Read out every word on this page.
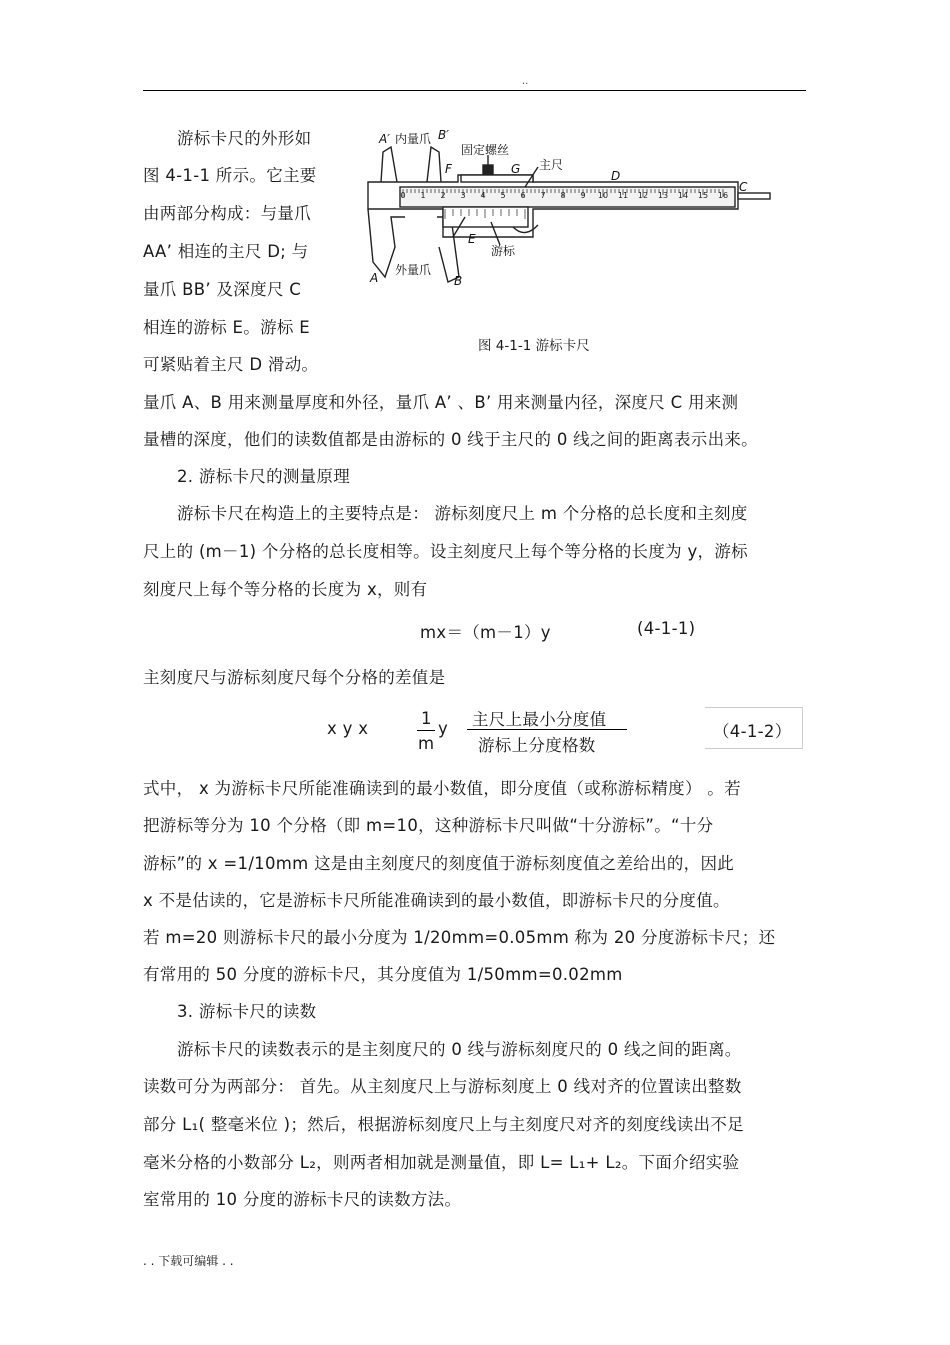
..
游标卡尺的外形如
图 4-1-1 所示。它主要
由两部分构成：与量爪
AA’ 相连的主尺 D; 与
量爪 BB’ 及深度尺 C
相连的游标 E。游标 E
可紧贴着主尺 D 滑动。
0 1 2 3 4 5 6 7 8 9 10 11 12 13 14 15 16
A′ 内量爪 B′
固定螺丝
主尺
F	G	D
C
E
游标
A
外量爪
B
图 4-1-1 游标卡尺
量爪 A、B 用来测量厚度和外径，量爪 A’ 、B’ 用来测量内径，深度尺 C 用来测
量槽的深度，他们的读数值都是由游标的 0 线于主尺的 0 线之间的距离表示出来。
2. 游标卡尺的测量原理
游标卡尺在构造上的主要特点是： 游标刻度尺上 m 个分格的总长度和主刻度
尺上的 (m－1) 个分格的总长度相等。设主刻度尺上每个等分格的长度为 y，游标
刻度尺上每个等分格的长度为 x，则有
mx＝（m－1）y	(4-1-1)
主刻度尺与游标刻度尺每个分格的差值是
x y x
1
m
y 主尺上最小分度值
游标上分度格数
（4-1-2）
式中， x 为游标卡尺所能准确读到的最小数值，即分度值（或称游标精度） 。若
把游标等分为 10 个分格（即 m=10，这种游标卡尺叫做“十分游标”。“十分
游标”的 x =1/10mm 这是由主刻度尺的刻度值于游标刻度值之差给出的，因此
x 不是估读的，它是游标卡尺所能准确读到的最小数值，即游标卡尺的分度值。
若 m=20 则游标卡尺的最小分度为 1/20mm=0.05mm 称为 20 分度游标卡尺；还
有常用的 50 分度的游标卡尺，其分度值为 1/50mm=0.02mm
3. 游标卡尺的读数
游标卡尺的读数表示的是主刻度尺的 0 线与游标刻度尺的 0 线之间的距离。
读数可分为两部分： 首先。从主刻度尺上与游标刻度上 0 线对齐的位置读出整数
部分 L₁( 整毫米位 )；然后，根据游标刻度尺上与主刻度尺对齐的刻度线读出不足
毫米分格的小数部分 L₂，则两者相加就是测量值，即 L= L₁+ L₂。下面介绍实验
室常用的 10 分度的游标卡尺的读数方法。
. . 下载可编辑 . .
